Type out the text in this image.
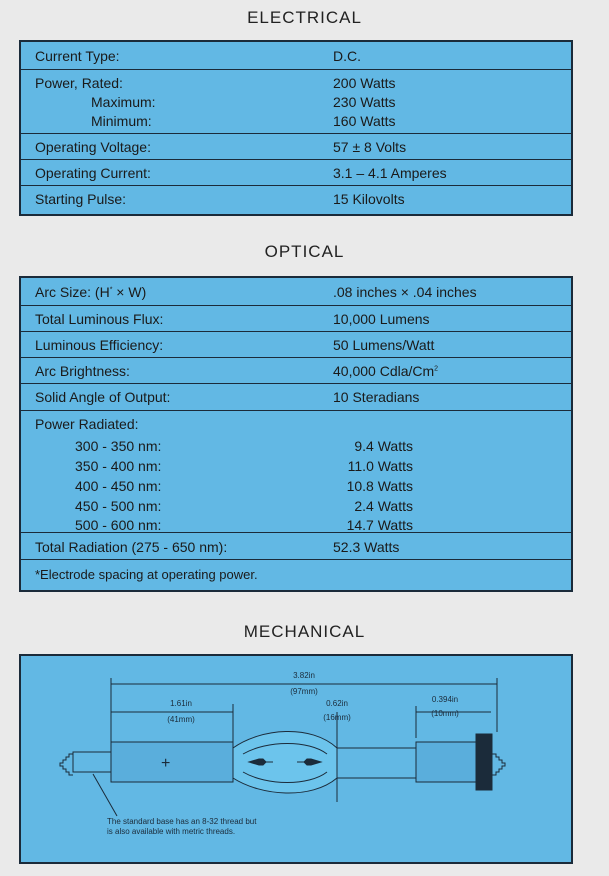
ELECTRICAL
Current Type:	D.C.
Power, Rated:	200 Watts
Maximum:	230 Watts
Minimum:	160 Watts
Operating Voltage:	57 ± 8 Volts
Operating Current:	3.1 – 4.1 Amperes
Starting Pulse:	15 Kilovolts
OPTICAL
Arc Size: (H* × W)	.08 inches × .04 inches
Total Luminous Flux:	10,000 Lumens
Luminous Efficiency:	50 Lumens/Watt
Arc Brightness:	40,000 Cdla/Cm$^2$
Solid Angle of Output:	10 Steradians
Power Radiated:
300 - 350 nm:	9.4 Watts
350 - 400 nm:	11.0 Watts
400 - 450 nm:	10.8 Watts
450 - 500 nm:	2.4 Watts
500 - 600 nm:	14.7 Watts
Total Radiation (275 - 650 nm):	52.3 Watts
*Electrode spacing at operating power.
MECHANICAL
+
3.82in
(97mm)
1.61in
(41mm)
0.62in
(16mm)
0.394in
(10mm)
The standard base has an 8-32 thread but
is also available with metric threads.
